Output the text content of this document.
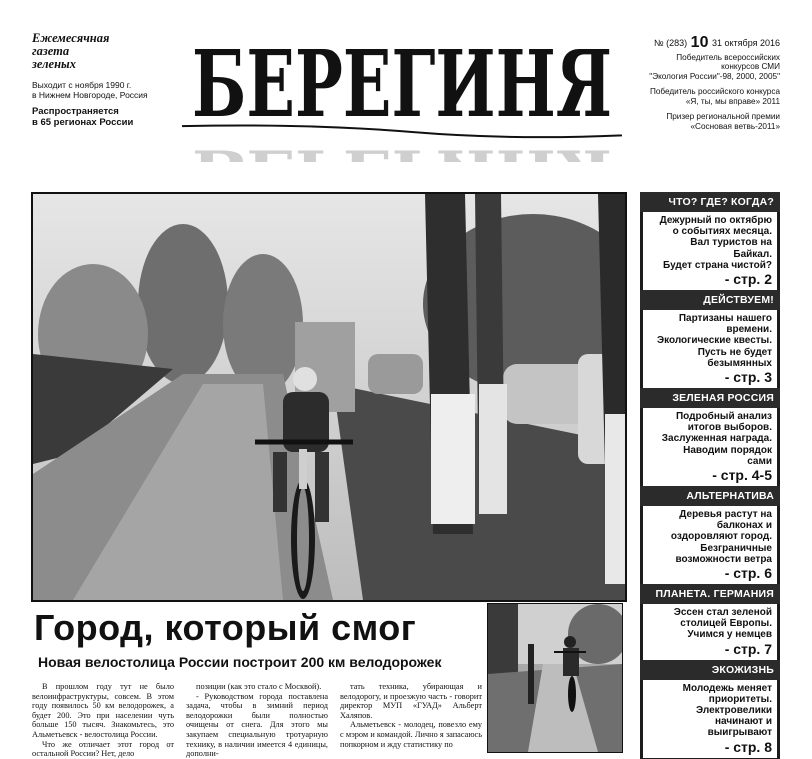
Ежемесячная
газета
зеленых
Выходит с ноября 1990 г.
в Нижнем Новгороде, Россия
Распространяется
в 65 регионах России БЕРЕГИНЯ	№ (283) 10 31 октября 2016

Победитель всероссийских
конкурсов СМИ
"Экология России"-98, 2000, 2005"

Победитель российского конкурса
«Я, ты, мы вправе» 2011

Призер региональной премии
«Сосновая ветвь-2011»

Город, который смог
Новая велостолица России построит 200 км велодорожек

В прошлом году тут не было велоинфраструктуры, совсем. В этом году появилось 50 км велодорожек, а будет 200. Это при населении чуть больше 150 тысяч. Знакомьтесь, это Альметьевск - велостолица России.

Что же отличает этот город от остальной России? Нет, дело

позиции (как это стало с Москвой).

- Руководством города поставлена задача, чтобы в зимний период велодорожки были полностью очищены от снега. Для этого мы закупаем специальную тротуарную технику, в наличии имеется 4 единицы, дополни-

тать техника, убирающая и велодорогу, и проезжую часть - говорит директор МУП «ГУАД» Альберт Халяпов.

Альметьевск - молодец, повезло ему с мэром и командой. Лично я запасаюсь попкорном и жду статистику по

ЧТО? ГДЕ? КОГДА?
Дежурный по октябрю
о событиях месяца.
Вал туристов на
Байкал.
Будет страна чистой?
- стр. 2
ДЕЙСТВУЕМ!
Партизаны нашего
времени.
Экологические квесты.
Пусть не будет
безымянных
- стр. 3
ЗЕЛЕНАЯ РОССИЯ
Подробный анализ
итогов выборов.
Заслуженная награда.
Наводим порядок
сами
- стр. 4-5
АЛЬТЕРНАТИВА
Деревья растут на
балконах и
оздоровляют город.
Безграничные
возможности ветра
- стр. 6
ПЛАНЕТА. ГЕРМАНИЯ
Эссен стал зеленой
столицей Европы.
Учимся у немцев
- стр. 7
ЭКОЖИЗНЬ
Молодежь меняет
приоритеты.
Электровелики
начинают и
выигрывают
- стр. 8
